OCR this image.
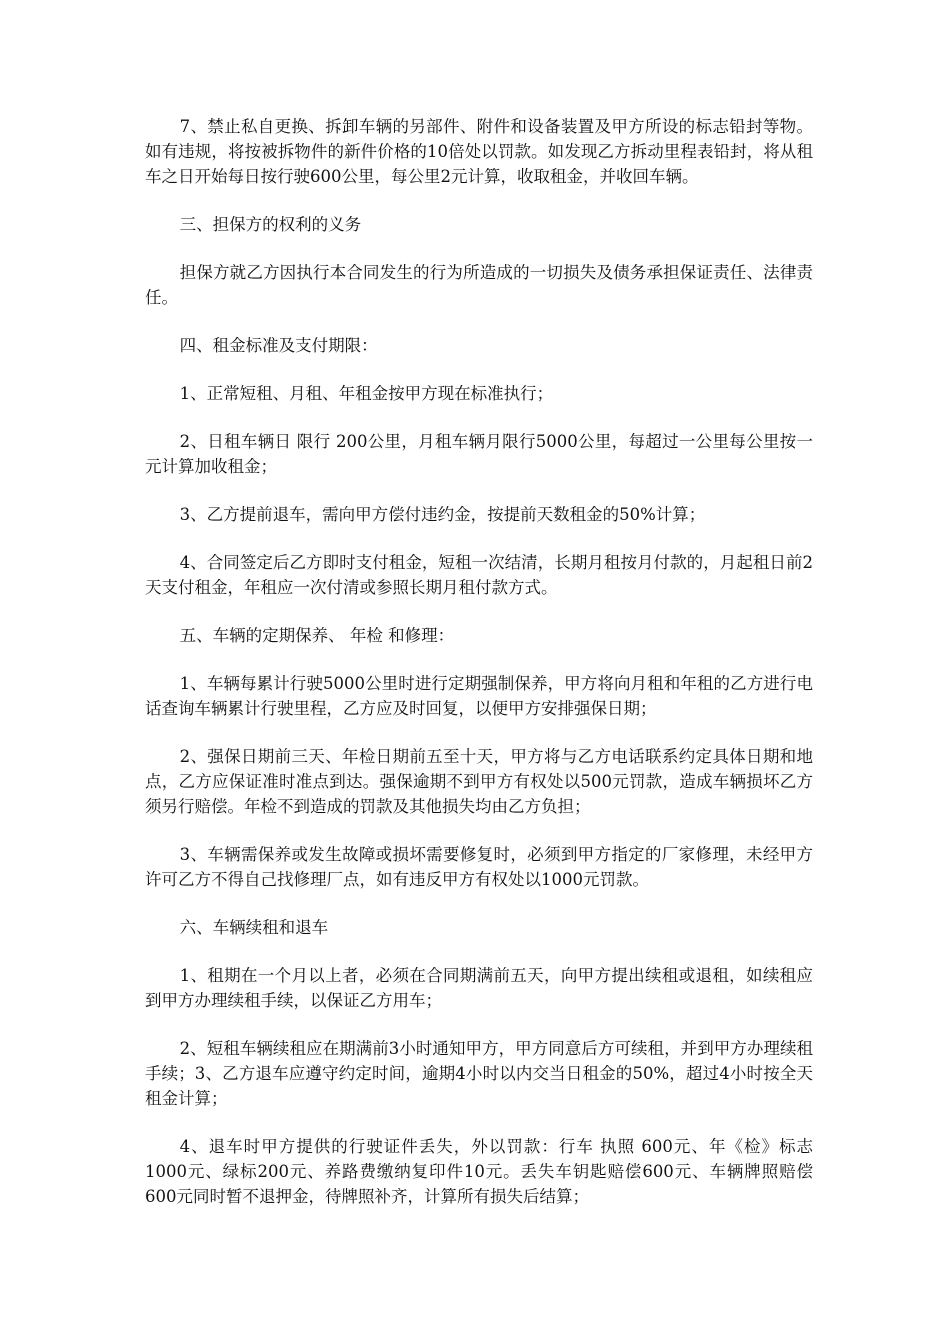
7、禁止私自更换、拆卸车辆的另部件、附件和设备装置及甲方所设的标志铅封等物。如有违规，将按被拆物件的新件价格的10倍处以罚款。如发现乙方拆动里程表铅封，将从租车之日开始每日按行驶600公里，每公里2元计算，收取租金，并收回车辆。

三、担保方的权利的义务

担保方就乙方因执行本合同发生的行为所造成的一切损失及债务承担保证责任、法律责任。

四、租金标准及支付期限：

1、正常短租、月租、年租金按甲方现在标准执行；

2、日租车辆日 限行 200公里，月租车辆月限行5000公里，每超过一公里每公里按一元计算加收租金；

3、乙方提前退车，需向甲方偿付违约金，按提前天数租金的50%计算；

4、合同签定后乙方即时支付租金，短租一次结清，长期月租按月付款的，月起租日前2天支付租金，年租应一次付清或参照长期月租付款方式。

五、车辆的定期保养、 年检 和修理：

1、车辆每累计行驶5000公里时进行定期强制保养，甲方将向月租和年租的乙方进行电话查询车辆累计行驶里程，乙方应及时回复，以便甲方安排强保日期；

2、强保日期前三天、年检日期前五至十天，甲方将与乙方电话联系约定具体日期和地点，乙方应保证准时准点到达。强保逾期不到甲方有权处以500元罚款，造成车辆损坏乙方须另行赔偿。年检不到造成的罚款及其他损失均由乙方负担；

3、车辆需保养或发生故障或损坏需要修复时，必须到甲方指定的厂家修理，未经甲方许可乙方不得自己找修理厂点，如有违反甲方有权处以1000元罚款。

六、车辆续租和退车

1、租期在一个月以上者，必须在合同期满前五天，向甲方提出续租或退租，如续租应到甲方办理续租手续，以保证乙方用车；

2、短租车辆续租应在期满前3小时通知甲方，甲方同意后方可续租，并到甲方办理续租手续；3、乙方退车应遵守约定时间，逾期4小时以内交当日租金的50%，超过4小时按全天租金计算；

4、退车时甲方提供的行驶证件丢失，外以罚款：行车 执照 600元、年《检》标志1000元、绿标200元、养路费缴纳复印件10元。丢失车钥匙赔偿600元、车辆牌照赔偿600元同时暂不退押金，待牌照补齐，计算所有损失后结算；
